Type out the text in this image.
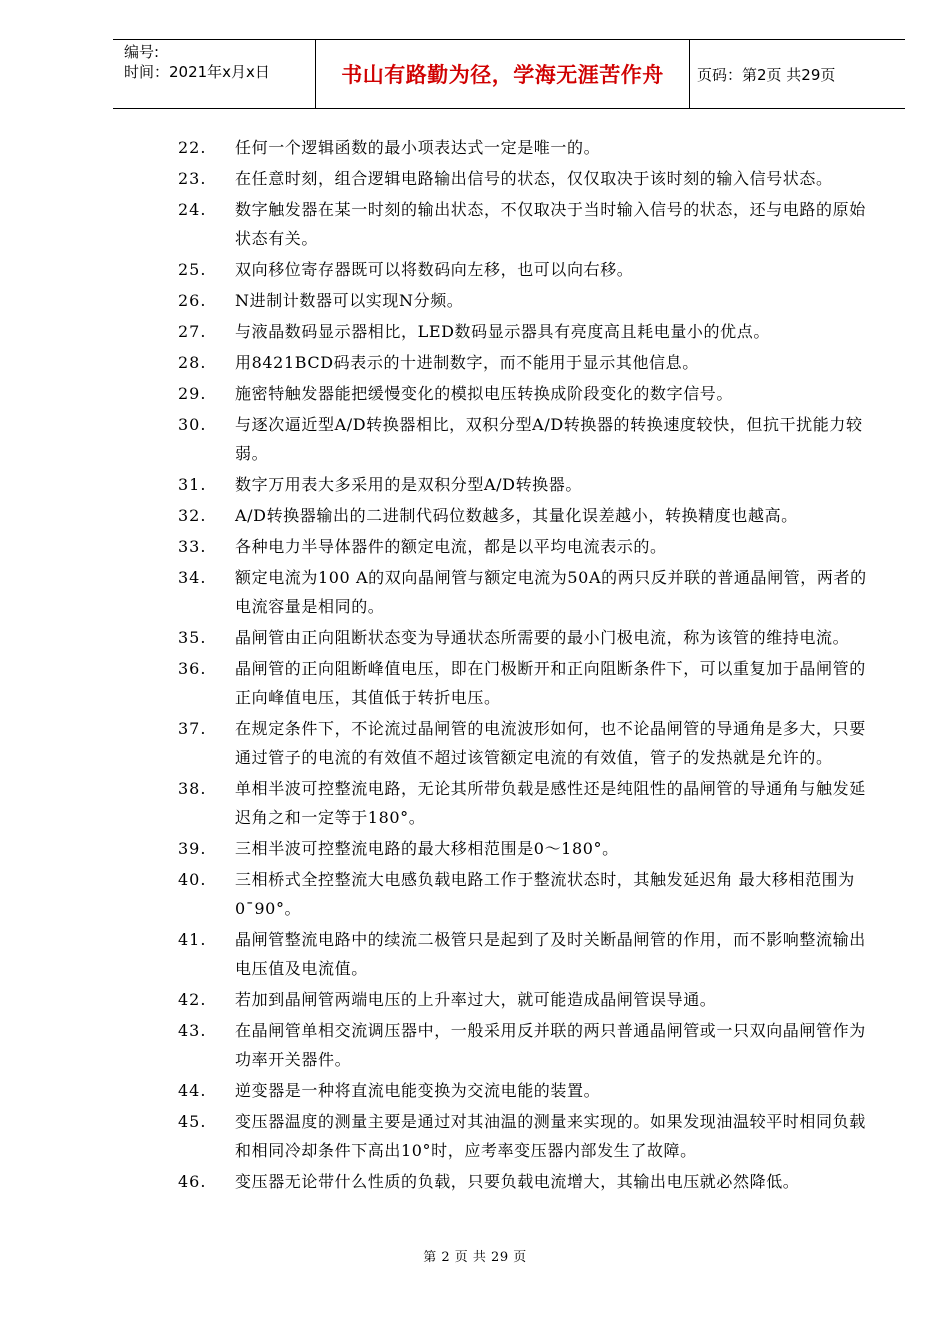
编号:
时间：2021年x月x日	书山有路勤为径，学海无涯苦作舟	页码：第2页 共29页
22.	任何一个逻辑函数的最小项表达式一定是唯一的。
23.	在任意时刻，组合逻辑电路输出信号的状态，仅仅取决于该时刻的输入信号状态。
24.	数字触发器在某一时刻的输出状态，不仅取决于当时输入信号的状态，还与电路的原始状态有关。
25.	双向移位寄存器既可以将数码向左移，也可以向右移。
26.	N进制计数器可以实现N分频。
27.	与液晶数码显示器相比，LED数码显示器具有亮度高且耗电量小的优点。
28.	用8421BCD码表示的十进制数字，而不能用于显示其他信息。
29.	施密特触发器能把缓慢变化的模拟电压转换成阶段变化的数字信号。
30.	与逐次逼近型A/D转换器相比，双积分型A/D转换器的转换速度较快，但抗干扰能力较弱。
31.	数字万用表大多采用的是双积分型A/D转换器。
32.	A/D转换器输出的二进制代码位数越多，其量化误差越小，转换精度也越高。
33.	各种电力半导体器件的额定电流，都是以平均电流表示的。
34.	额定电流为100 A的双向晶闸管与额定电流为50A的两只反并联的普通晶闸管，两者的电流容量是相同的。
35.	晶闸管由正向阻断状态变为导通状态所需要的最小门极电流，称为该管的维持电流。
36.	晶闸管的正向阻断峰值电压，即在门极断开和正向阻断条件下，可以重复加于晶闸管的正向峰值电压，其值低于转折电压。
37.	在规定条件下，不论流过晶闸管的电流波形如何，也不论晶闸管的导通角是多大，只要通过管子的电流的有效值不超过该管额定电流的有效值，管子的发热就是允许的。
38.	单相半波可控整流电路，无论其所带负载是感性还是纯阻性的晶闸管的导通角与触发延迟角之和一定等于180°。
39.	三相半波可控整流电路的最大移相范围是0～180°。
40.	三相桥式全控整流大电感负载电路工作于整流状态时，其触发延迟角 最大移相范围为0¯90°。
41.	晶闸管整流电路中的续流二极管只是起到了及时关断晶闸管的作用，而不影响整流输出电压值及电流值。
42.	若加到晶闸管两端电压的上升率过大，就可能造成晶闸管误导通。
43.	在晶闸管单相交流调压器中，一般采用反并联的两只普通晶闸管或一只双向晶闸管作为功率开关器件。
44.	逆变器是一种将直流电能变换为交流电能的装置。
45.	变压器温度的测量主要是通过对其油温的测量来实现的。如果发现油温较平时相同负载和相同冷却条件下高出10°时，应考率变压器内部发生了故障。
46.	变压器无论带什么性质的负载，只要负载电流增大，其输出电压就必然降低。
第 2 页 共 29 页
